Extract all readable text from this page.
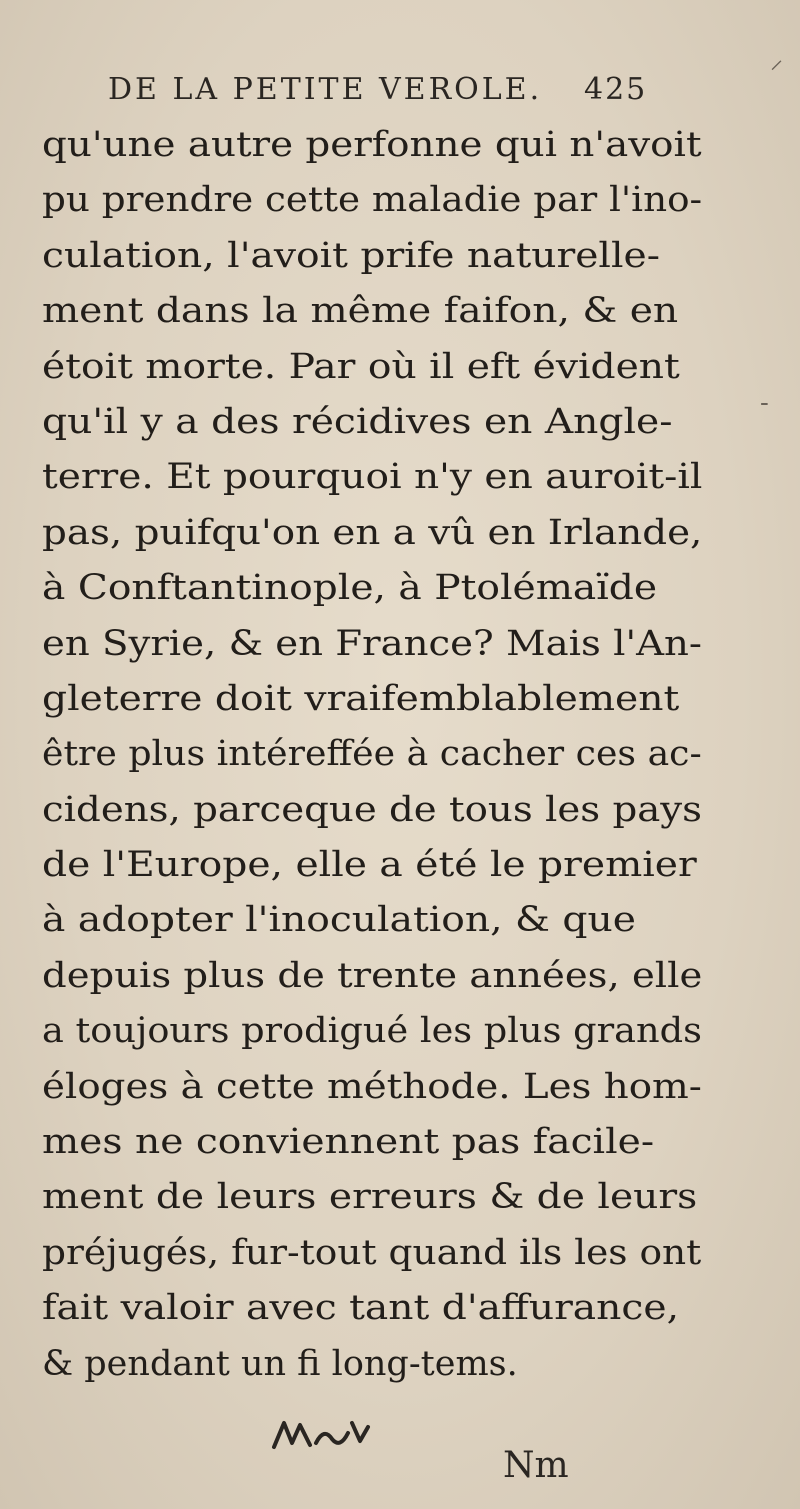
⸝
-
DE LA PETITE VEROLE. 425
qu'une autre perfonne qui n'avoit
pu prendre cette maladie par l'ino-
culation, l'avoit prife naturelle-
ment dans la même faifon, & en
étoit morte. Par où il eft évident
qu'il y a des récidives en Angle-
terre. Et pourquoi n'y en auroit-il
pas, puifqu'on en a vû en Irlande,
à Conftantinople, à Ptolémaïde
en Syrie, & en France? Mais l'An-
gleterre doit vraifemblablement
être plus intéreffée à cacher ces ac-
cidens, parceque de tous les pays
de l'Europe, elle a été le premier
à adopter l'inoculation, & que
depuis plus de trente années, elle
a toujours prodigué les plus grands
éloges à cette méthode. Les hom-
mes ne conviennent pas facile-
ment de leurs erreurs & de leurs
préjugés, fur-tout quand ils les ont
fait valoir avec tant d'affurance,
& pendant un fi long-tems.
Nm
